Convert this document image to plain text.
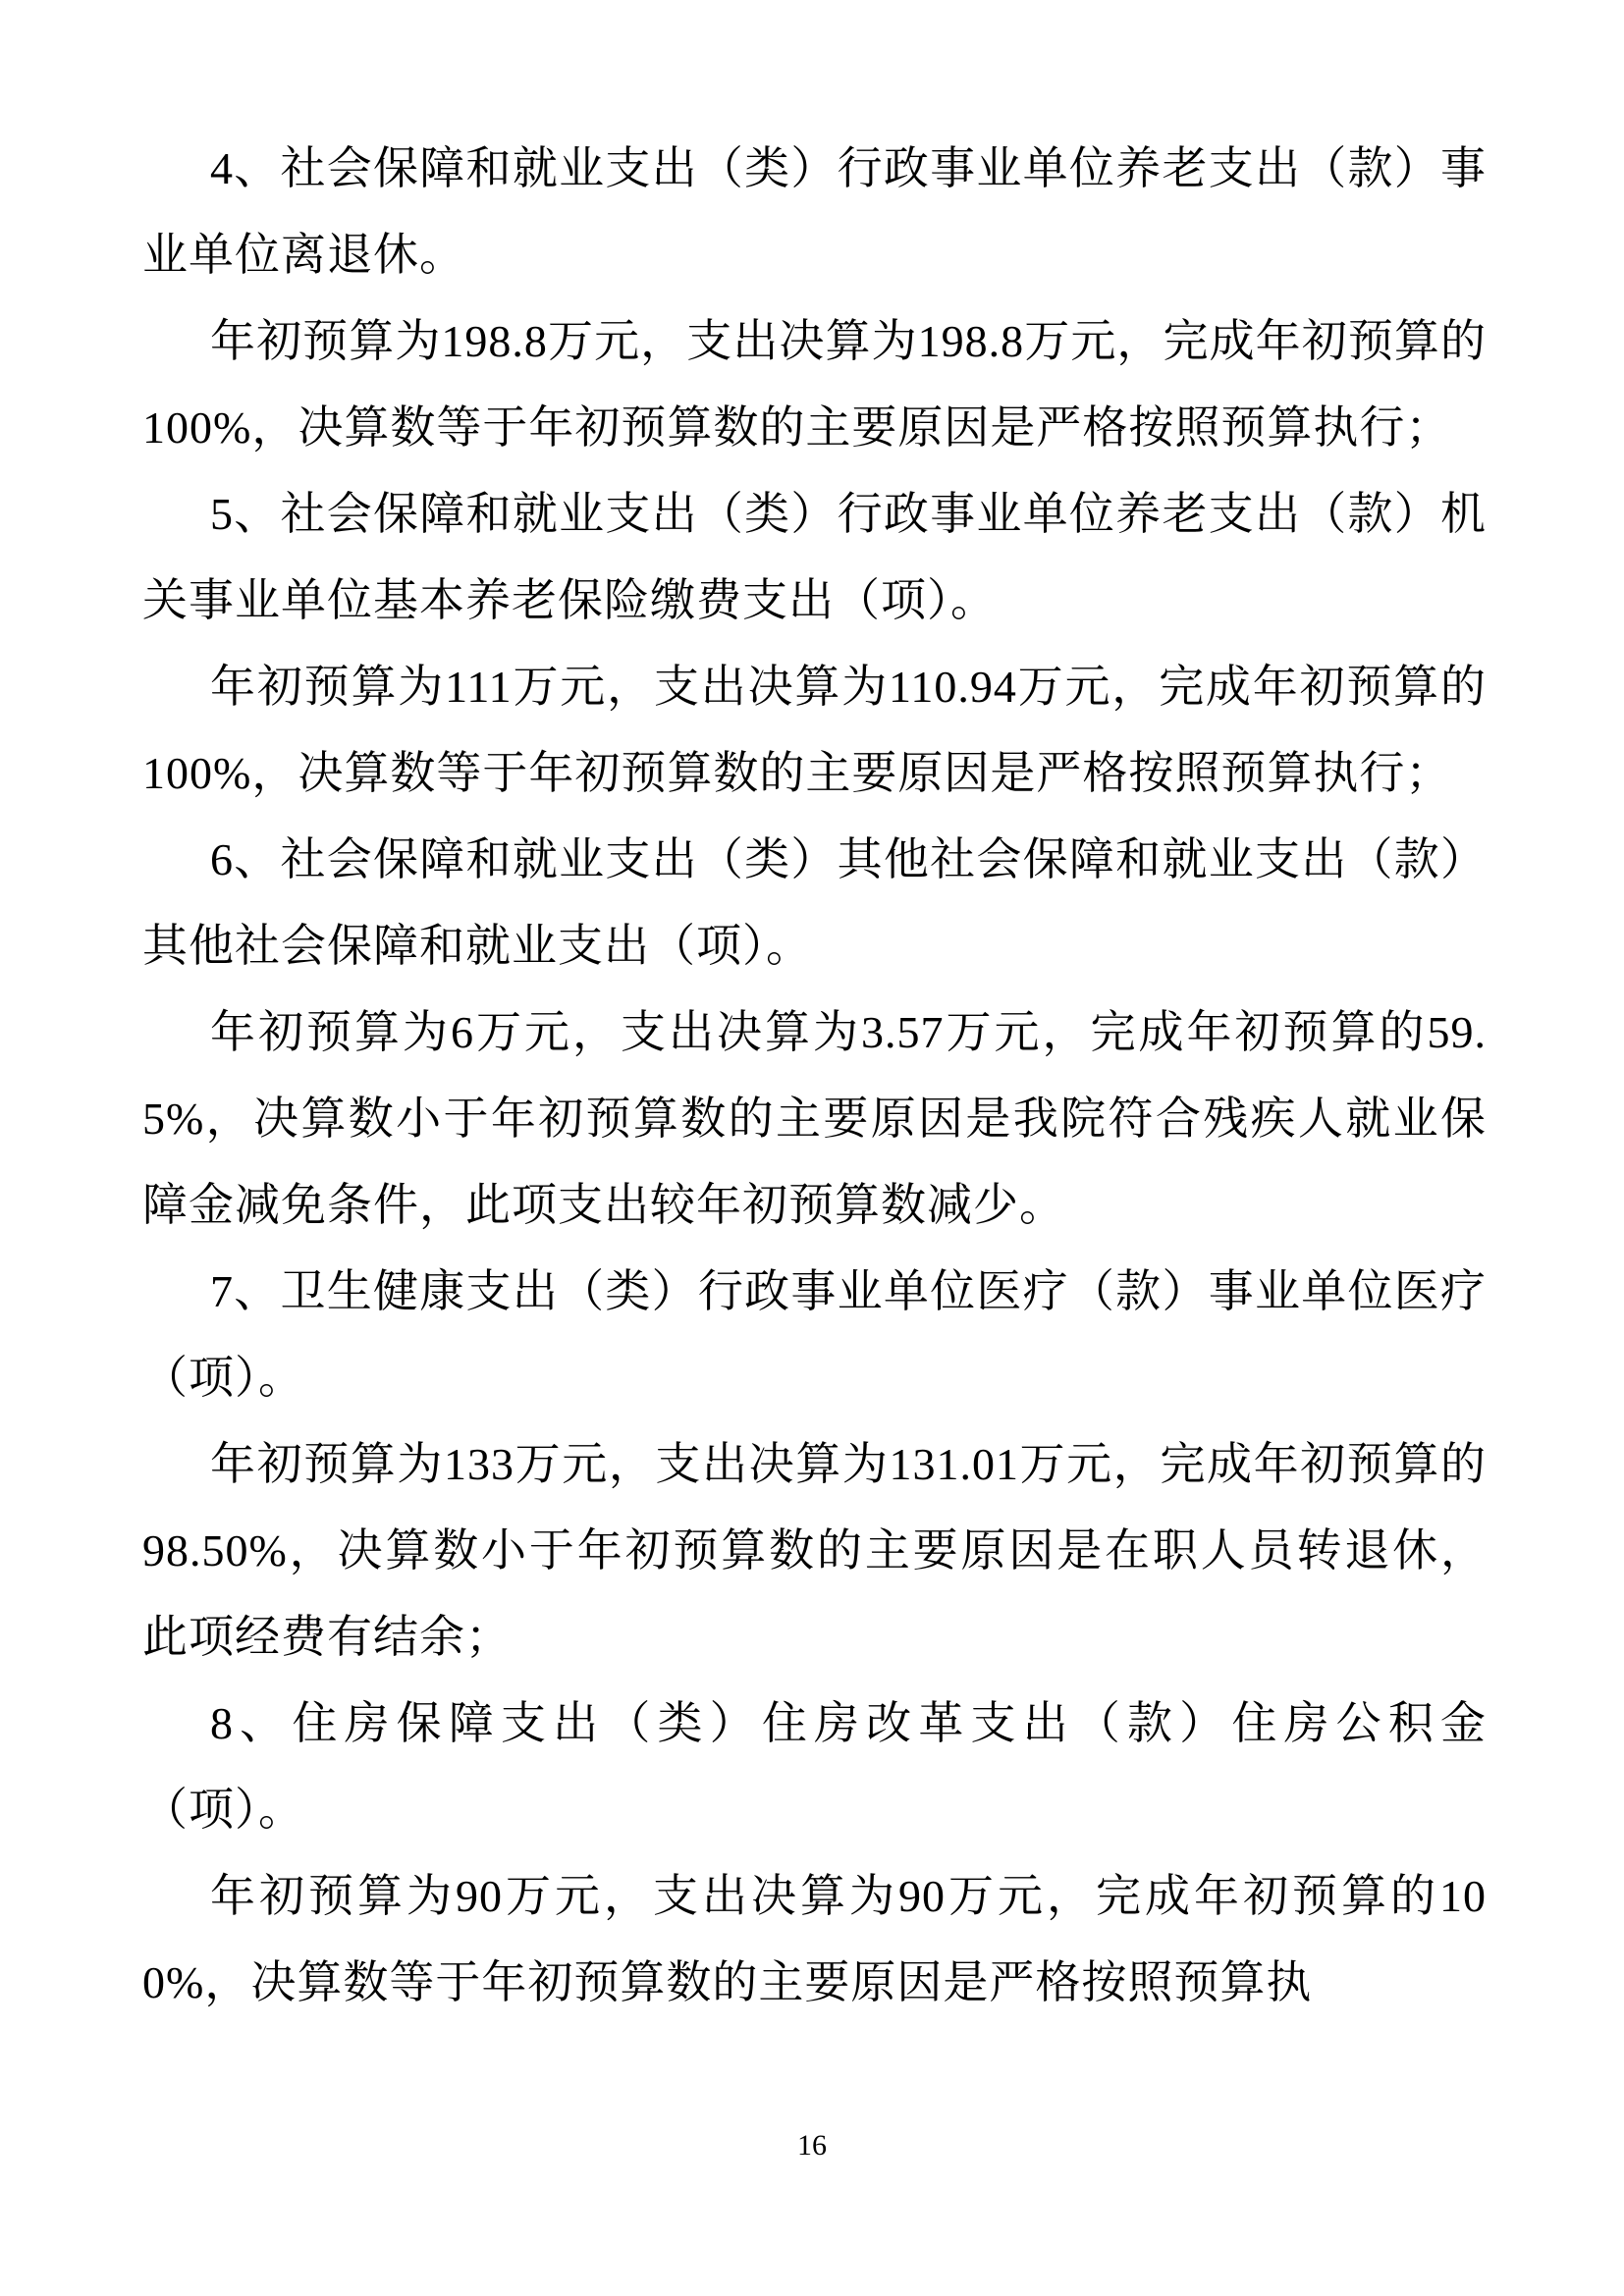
4、社会保障和就业支出（类）行政事业单位养老支出（款）事业单位离退休。

年初预算为198.8万元，支出决算为198.8万元，完成年初预算的100%，决算数等于年初预算数的主要原因是严格按照预算执行；

5、社会保障和就业支出（类）行政事业单位养老支出（款）机关事业单位基本养老保险缴费支出（项）。

年初预算为111万元，支出决算为110.94万元，完成年初预算的100%，决算数等于年初预算数的主要原因是严格按照预算执行；

6、社会保障和就业支出（类）其他社会保障和就业支出（款）其他社会保障和就业支出（项）。

年初预算为6万元，支出决算为3.57万元，完成年初预算的59.5%，决算数小于年初预算数的主要原因是我院符合残疾人就业保障金减免条件，此项支出较年初预算数减少。

7、卫生健康支出（类）行政事业单位医疗（款）事业单位医疗（项）。

年初预算为133万元，支出决算为131.01万元，完成年初预算的98.50%，决算数小于年初预算数的主要原因是在职人员转退休，此项经费有结余；

8、住房保障支出（类）住房改革支出（款）住房公积金（项）。

年初预算为90万元，支出决算为90万元，完成年初预算的100%，决算数等于年初预算数的主要原因是严格按照预算执

16
